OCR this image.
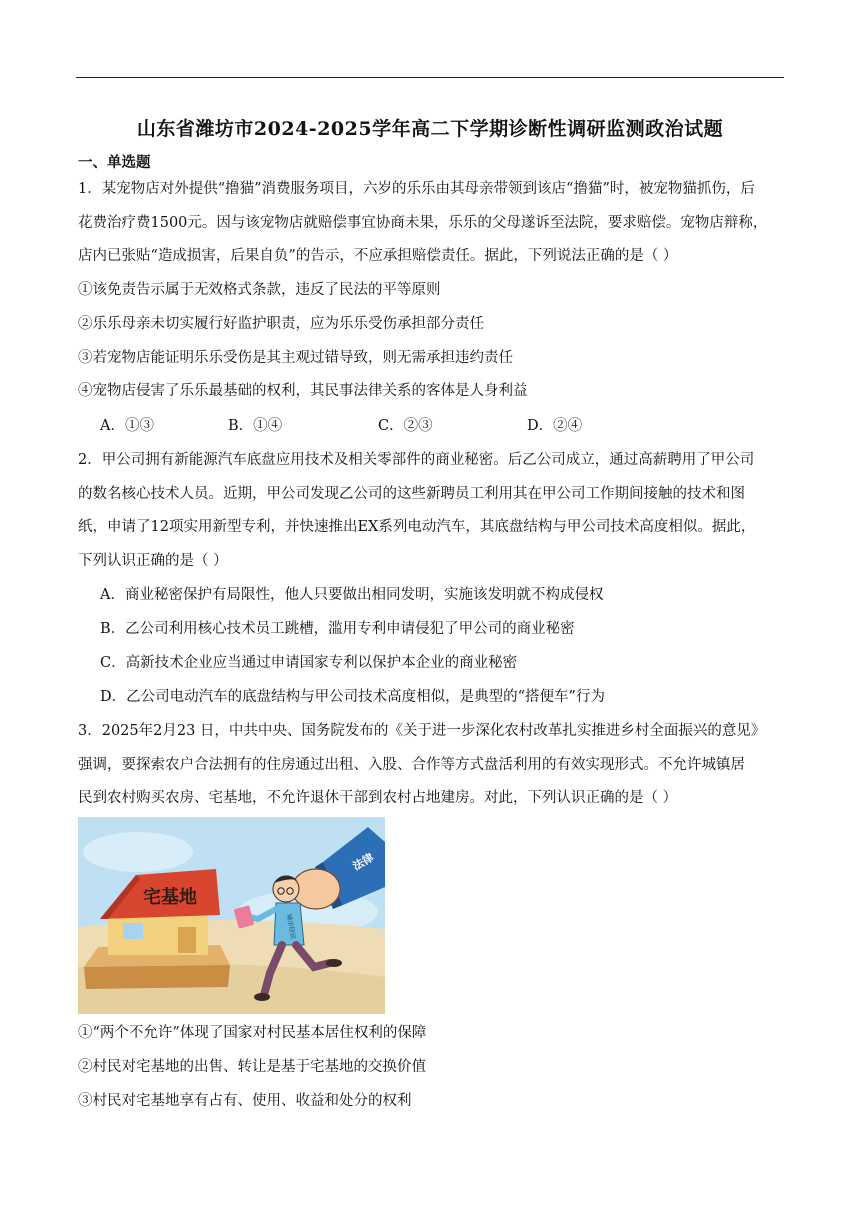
山东省潍坊市2024-2025学年高二下学期诊断性调研监测政治试题
一、单选题
1．某宠物店对外提供“撸猫”消费服务项目，六岁的乐乐由其母亲带领到该店“撸猫”时，被宠物猫抓伤，后
花费治疗费1500元。因与该宠物店就赔偿事宜协商未果，乐乐的父母遂诉至法院，要求赔偿。宠物店辩称，
店内已张贴“造成损害，后果自负”的告示，不应承担赔偿责任。据此，下列说法正确的是（ ）
①该免责告示属于无效格式条款，违反了民法的平等原则
②乐乐母亲未切实履行好监护职责，应为乐乐受伤承担部分责任
③若宠物店能证明乐乐受伤是其主观过错导致，则无需承担违约责任
④宠物店侵害了乐乐最基础的权利，其民事法律关系的客体是人身利益
A．①③	B．①④	C．②③	D．②④
2．甲公司拥有新能源汽车底盘应用技术及相关零部件的商业秘密。后乙公司成立，通过高薪聘用了甲公司
的数名核心技术人员。近期，甲公司发现乙公司的这些新聘员工利用其在甲公司工作期间接触的技术和图
纸，申请了12项实用新型专利，并快速推出EX系列电动汽车，其底盘结构与甲公司技术高度相似。据此，
下列认识正确的是（ ）
A．商业秘密保护有局限性，他人只要做出相同发明，实施该发明就不构成侵权
B．乙公司利用核心技术员工跳槽，滥用专利申请侵犯了甲公司的商业秘密
C．高新技术企业应当通过申请国家专利以保护本企业的商业秘密
D．乙公司电动汽车的底盘结构与甲公司技术高度相似，是典型的“搭便车”行为
3．2025年2月23 日，中共中央、国务院发布的《关于进一步深化农村改革扎实推进乡村全面振兴的意见》
强调，要探索农户合法拥有的住房通过出租、入股、合作等方式盘活利用的有效实现形式。不允许城镇居
民到农村购买农房、宅基地，不允许退休干部到农村占地建房。对此，下列认识正确的是（ ）
宅基地
法律
城市居民
①“两个不允许”体现了国家对村民基本居住权利的保障
②村民对宅基地的出售、转让是基于宅基地的交换价值
③村民对宅基地享有占有、使用、收益和处分的权利
